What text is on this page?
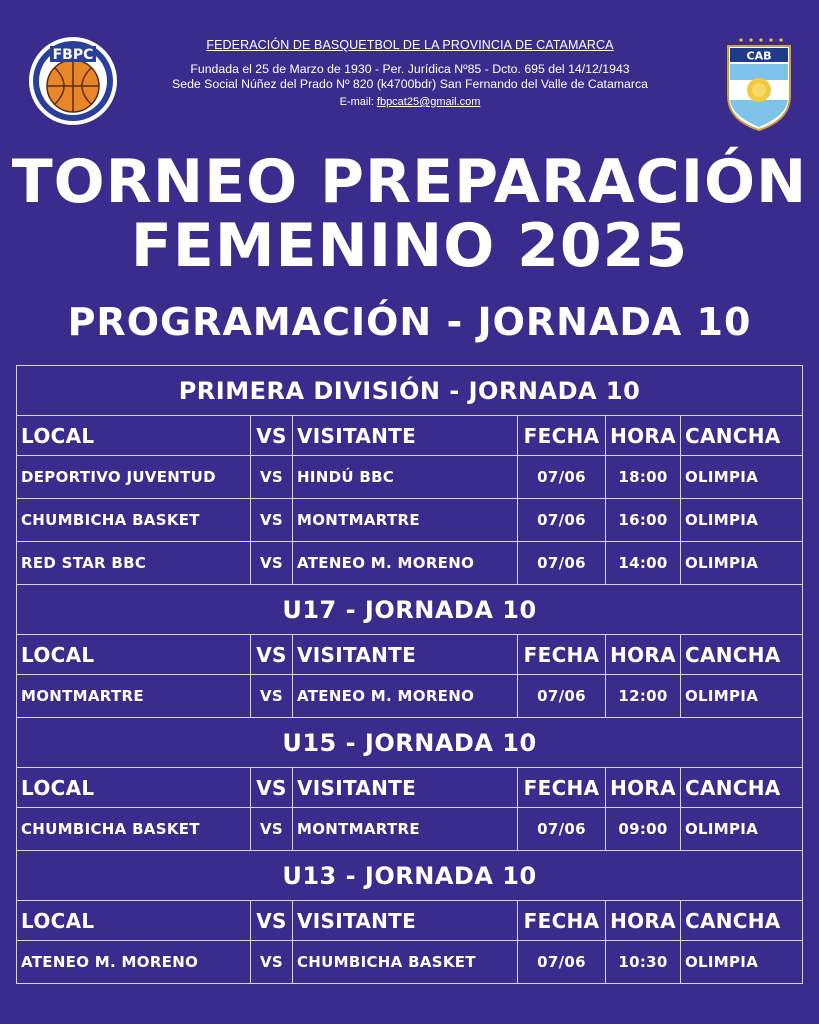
FBPC	CAB
FEDERACIÓN DE BASQUETBOL DE LA PROVINCIA DE CATAMARCA
Fundada el 25 de Marzo de 1930 - Per. Jurídica Nº85 - Dcto. 695 del 14/12/1943
Sede Social Núñez del Prado Nº 820 (k4700bdr) San Fernando del Valle de Catamarca
E-mail: fbpcat25@gmail.com
TORNEO PREPARACIÓN
FEMENINO 2025
PROGRAMACIÓN - JORNADA 10
PRIMERA DIVISIÓN - JORNADA 10					
LOCAL	VS	VISITANTE	FECHA	HORA	CANCHA
DEPORTIVO JUVENTUD	VS	HINDÚ BBC	07/06	18:00	OLIMPIA
CHUMBICHA BASKET	VS	MONTMARTRE	07/06	16:00	OLIMPIA
RED STAR BBC	VS	ATENEO M. MORENO	07/06	14:00	OLIMPIA
U17 - JORNADA 10					
LOCAL	VS	VISITANTE	FECHA	HORA	CANCHA
MONTMARTRE	VS	ATENEO M. MORENO	07/06	12:00	OLIMPIA
U15 - JORNADA 10					
LOCAL	VS	VISITANTE	FECHA	HORA	CANCHA
CHUMBICHA BASKET	VS	MONTMARTRE	07/06	09:00	OLIMPIA
U13 - JORNADA 10					
LOCAL	VS	VISITANTE	FECHA	HORA	CANCHA
ATENEO M. MORENO	VS	CHUMBICHA BASKET	07/06	10:30	OLIMPIA
